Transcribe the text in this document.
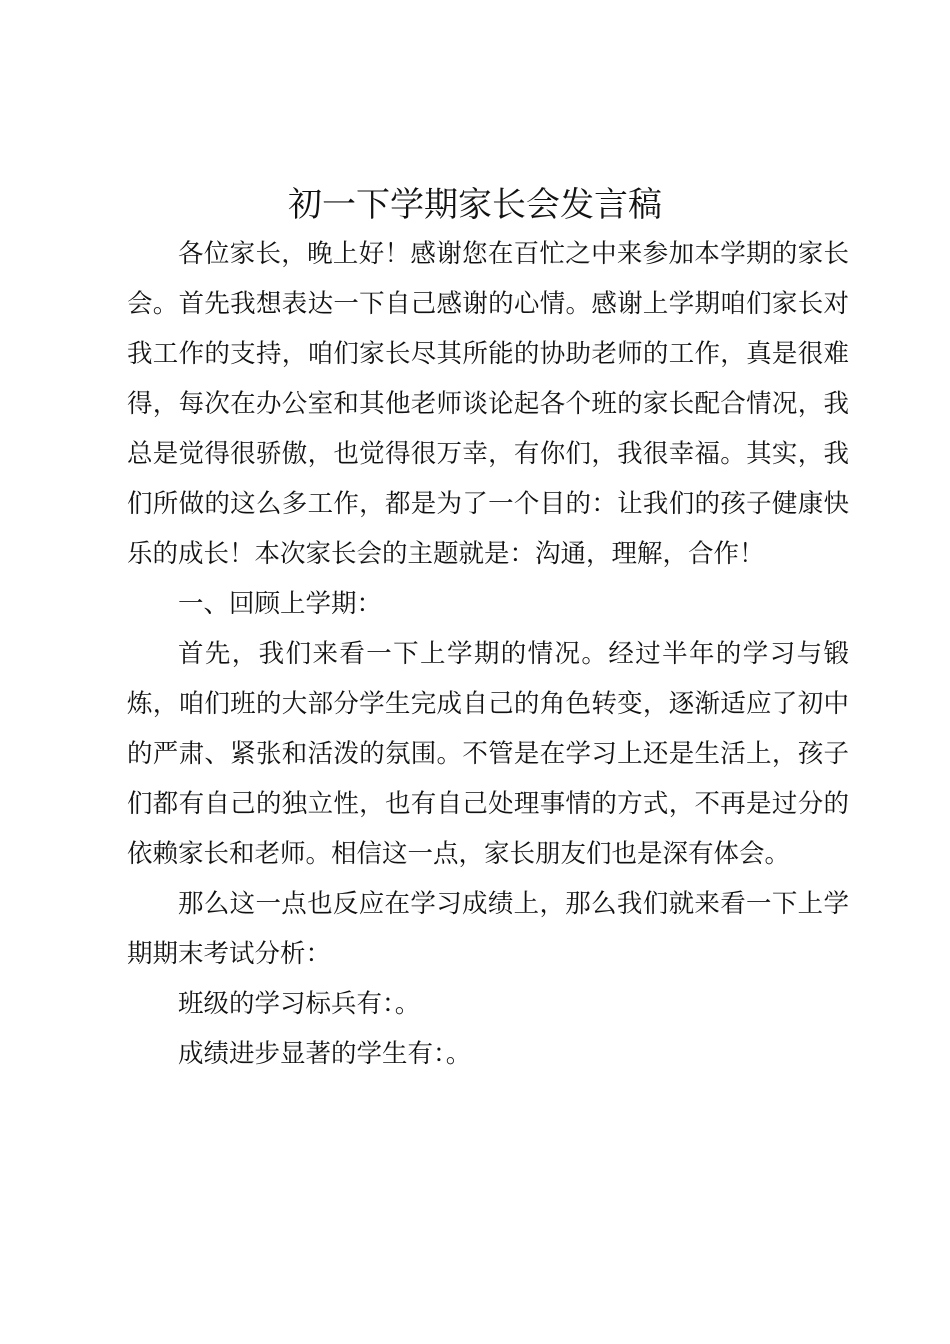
初一下学期家长会发言稿

各位家长，晚上好！感谢您在百忙之中来参加本学期的家长会。首先我想表达一下自己感谢的心情。感谢上学期咱们家长对我工作的支持，咱们家长尽其所能的协助老师的工作，真是很难得，每次在办公室和其他老师谈论起各个班的家长配合情况，我总是觉得很骄傲，也觉得很万幸，有你们，我很幸福。其实，我们所做的这么多工作，都是为了一个目的：让我们的孩子健康快乐的成长！本次家长会的主题就是：沟通，理解，合作！

一、回顾上学期：

首先，我们来看一下上学期的情况。经过半年的学习与锻炼，咱们班的大部分学生完成自己的角色转变，逐渐适应了初中的严肃、紧张和活泼的氛围。不管是在学习上还是生活上，孩子们都有自己的独立性，也有自己处理事情的方式，不再是过分的依赖家长和老师。相信这一点，家长朋友们也是深有体会。

那么这一点也反应在学习成绩上，那么我们就来看一下上学期期末考试分析：

班级的学习标兵有：。

成绩进步显著的学生有：。
